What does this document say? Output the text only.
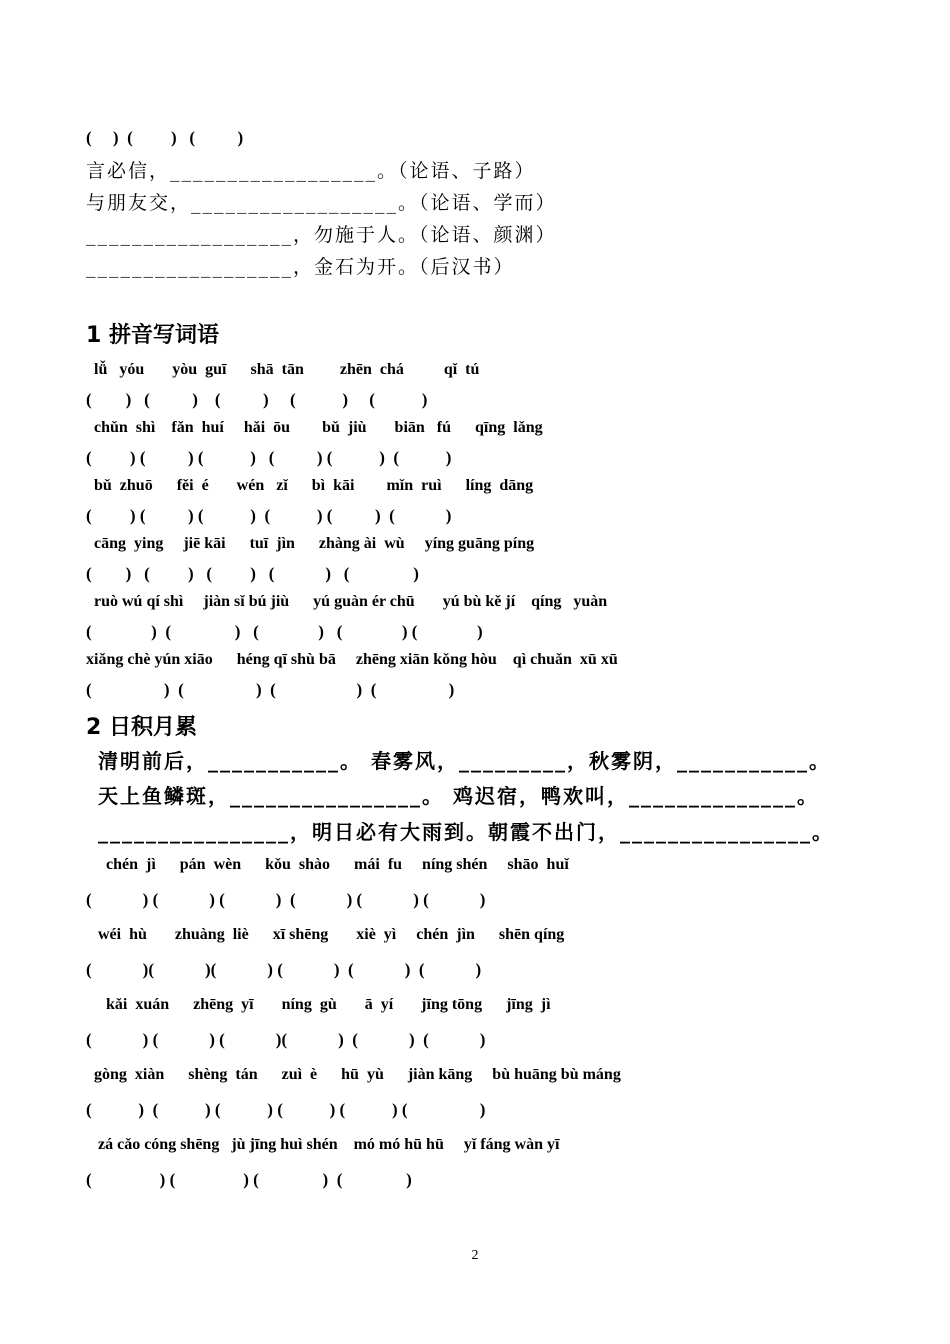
(     )  (         )   (          )
言必信，__________________。（论语、子路）
与朋友交，__________________。（论语、学而）
__________________，勿施于人。（论语、颜渊）
__________________，金石为开。（后汉书）
1 拼音写词语
lǚ   yóu       yòu  guī      shā  tān         zhēn  chá          qǐ  tú
(        )   (          )    (          )     (           )     (           )
chǔn  shì    fǎn  huí     hǎi  ōu        bǔ  jiù       biān   fú      qīng  lǎng
(         ) (          ) (           )   (          ) (           )  (           )
bǔ  zhuō      fěi  é       wén   zǐ      bì  kāi        mǐn  ruì      líng  dāng
(         ) (          ) (           )  (           ) (          )  (            )
cāng  ying     jiē kāi      tuī  jìn      zhàng ài  wù     yíng guāng píng
(        )   (         )   (         )   (            )   (               )
ruò wú qí shì     jiàn sǐ bú jiù      yú guàn ér chū       yú bù kě jí    qíng   yuàn
(              )  (               )   (              )   (              ) (              )
xiǎng chè yún xiāo      héng qī shù bā     zhēng xiān kǒng hòu    qì chuǎn  xū xū
(                 )  (                 )  (                   )  (                 )
2 日积月累
清明前后，___________。 春雾风，_________，秋雾阴，___________。
天上鱼鳞斑，________________。 鸡迟宿，鸭欢叫，______________。
________________，明日必有大雨到。朝霞不出门，________________。
chén  jì      pán  wèn      kǒu  shào      mái  fu     níng shén     shāo  huǐ
(            ) (            ) (            )  (            ) (            ) (            )
wéi  hù       zhuàng  liè      xī shēng       xiè  yì     chén  jìn      shēn qíng
(            )(            )(            ) (            )  (            )  (            )
kǎi  xuán      zhēng  yī       níng  gù       ā  yí       jīng tōng      jīng  jì
(            ) (            ) (            )(            )  (            )  (            )
gòng  xiàn      shèng  tán      zuì  è      hū  yù      jiàn kāng     bù huāng bù máng
(           )  (           ) (           ) (           ) (           ) (                 )
zá cǎo cóng shēng   jù jīng huì shén    mó mó hū hū     yǐ fáng wàn yī
(                ) (                ) (               )  (               )
2
